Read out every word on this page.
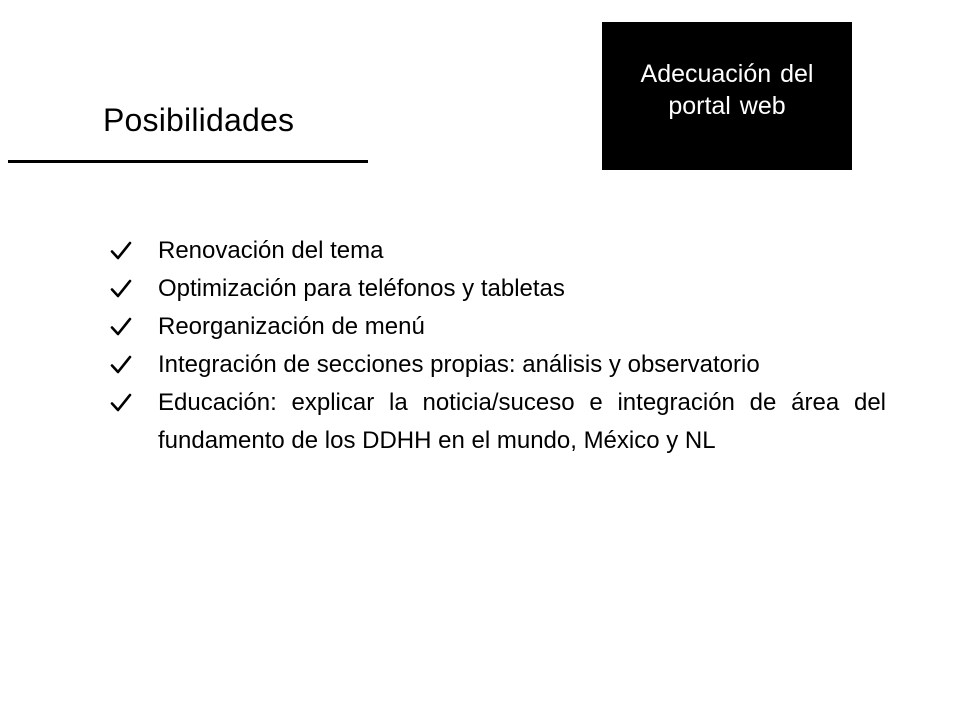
Adecuación del portal web
Posibilidades
Renovación del tema
Optimización para teléfonos y tabletas
Reorganización de menú
Integración de secciones propias: análisis y observatorio
Educación: explicar la noticia/suceso e integración de área del fundamento de los DDHH en el mundo, México y NL
